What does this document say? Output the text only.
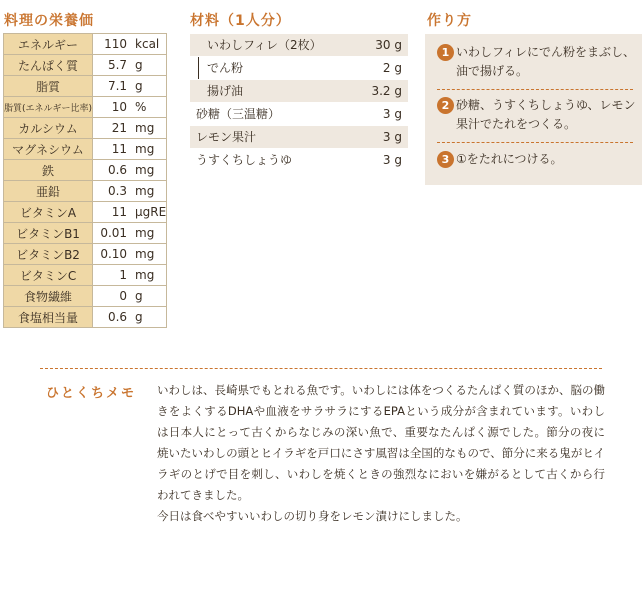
料理の栄養価
エネルギー	110 kcal
たんぱく質	5.7 g
脂質	7.1 g
脂質(エネルギー比率)	10 %
カルシウム	21 mg
マグネシウム	11 mg
鉄	0.6 mg
亜鉛	0.3 mg
ビタミンA	11 μgRE
ビタミンB1	0.01 mg
ビタミンB2	0.10 mg
ビタミンC	1 mg
食物繊維	0 g
食塩相当量	0.6 g
材料（1人分）
いわしフィレ（2枚）	30 g
でん粉	2 g
揚げ油	3.2 g
砂糖（三温糖）	3 g
レモン果汁	3 g
うすくちしょうゆ	3 g
作り方
1 いわしフィレにでん粉をまぶし、油で揚げる。
2 砂糖、うすくちしょうゆ、レモン果汁でたれをつくる。
3 ①をたれにつける。
ひとくちメモ いわしは、長崎県でもとれる魚です。いわしには体をつくるたんぱく質のほか、脳の働きをよくするDHAや血液をサラサラにするEPAという成分が含まれています。いわしは日本人にとって古くからなじみの深い魚で、重要なたんぱく源でした。節分の夜に焼いたいわしの頭とヒイラギを戸口にさす風習は全国的なもので、節分に来る鬼がヒイラギのとげで目を刺し、いわしを焼くときの強烈なにおいを嫌がるとして古くから行われてきました。

今日は食べやすいいわしの切り身をレモン漬けにしました。
